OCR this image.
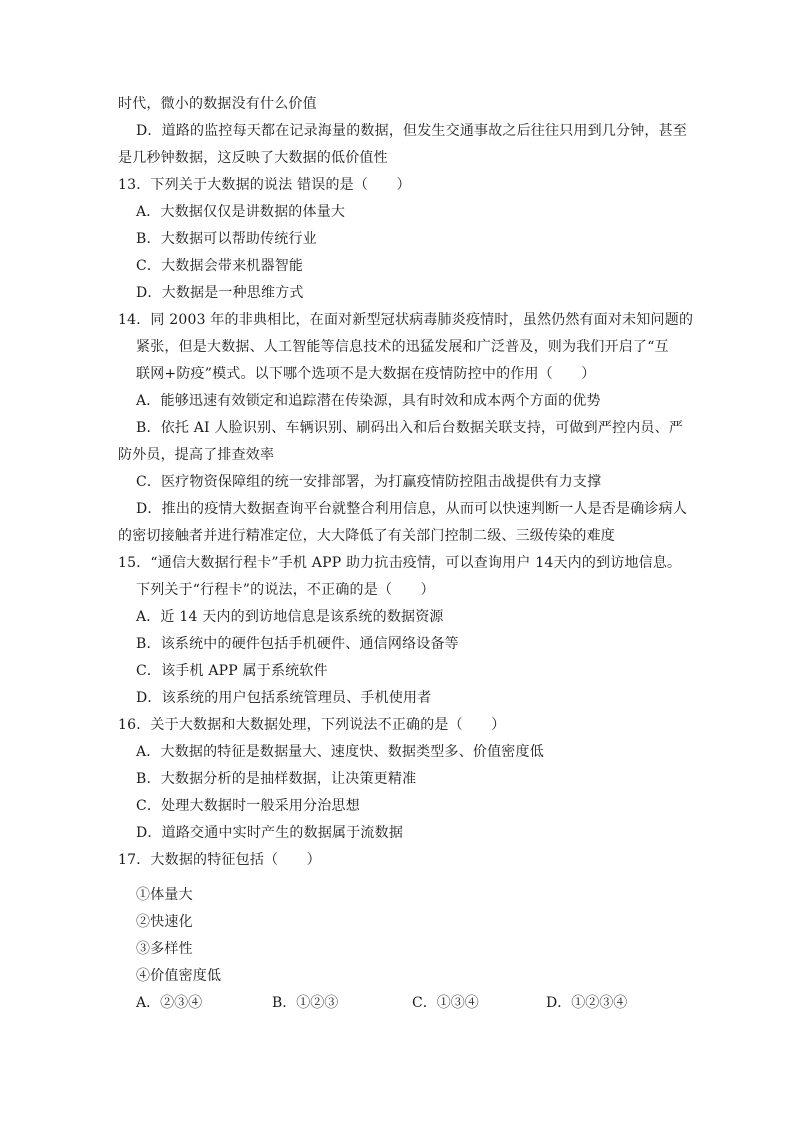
时代，微小的数据没有什么价值
D．道路的监控每天都在记录海量的数据，但发生交通事故之后往往只用到几分钟，甚至
是几秒钟数据，这反映了大数据的低价值性
13．下列关于大数据的说法 错误的是（　　）
A．大数据仅仅是讲数据的体量大
B．大数据可以帮助传统行业
C．大数据会带来机器智能
D．大数据是一种思维方式
14．同 2003 年的非典相比，在面对新型冠状病毒肺炎疫情时，虽然仍然有面对未知问题的
紧张，但是大数据、人工智能等信息技术的迅猛发展和广泛普及，则为我们开启了“互
联网+防疫”模式。以下哪个选项不是大数据在疫情防控中的作用（　　）
A．能够迅速有效锁定和追踪潜在传染源，具有时效和成本两个方面的优势
B．依托 AI 人脸识别、车辆识别、刷码出入和后台数据关联支持，可做到严控内员、严
防外员，提高了排查效率
C．医疗物资保障组的统一安排部署，为打赢疫情防控阻击战提供有力支撑
D．推出的疫情大数据查询平台就整合利用信息，从而可以快速判断一人是否是确诊病人
的密切接触者并进行精准定位，大大降低了有关部门控制二级、三级传染的难度
15．“通信大数据行程卡”手机 APP 助力抗击疫情，可以查询用户 14天内的到访地信息。
下列关于“行程卡”的说法，不正确的是（　　）
A．近 14 天内的到访地信息是该系统的数据资源
B．该系统中的硬件包括手机硬件、通信网络设备等
C．该手机 APP 属于系统软件
D．该系统的用户包括系统管理员、手机使用者
16．关于大数据和大数据处理，下列说法不正确的是（　　）
A．大数据的特征是数据量大、速度快、数据类型多、价值密度低
B．大数据分析的是抽样数据，让决策更精准
C．处理大数据时一般采用分治思想
D．道路交通中实时产生的数据属于流数据
17．大数据的特征包括（　　）
①体量大
②快速化
③多样性
④价值密度低
A．②③④	B．①②③	C．①③④	D．①②③④
